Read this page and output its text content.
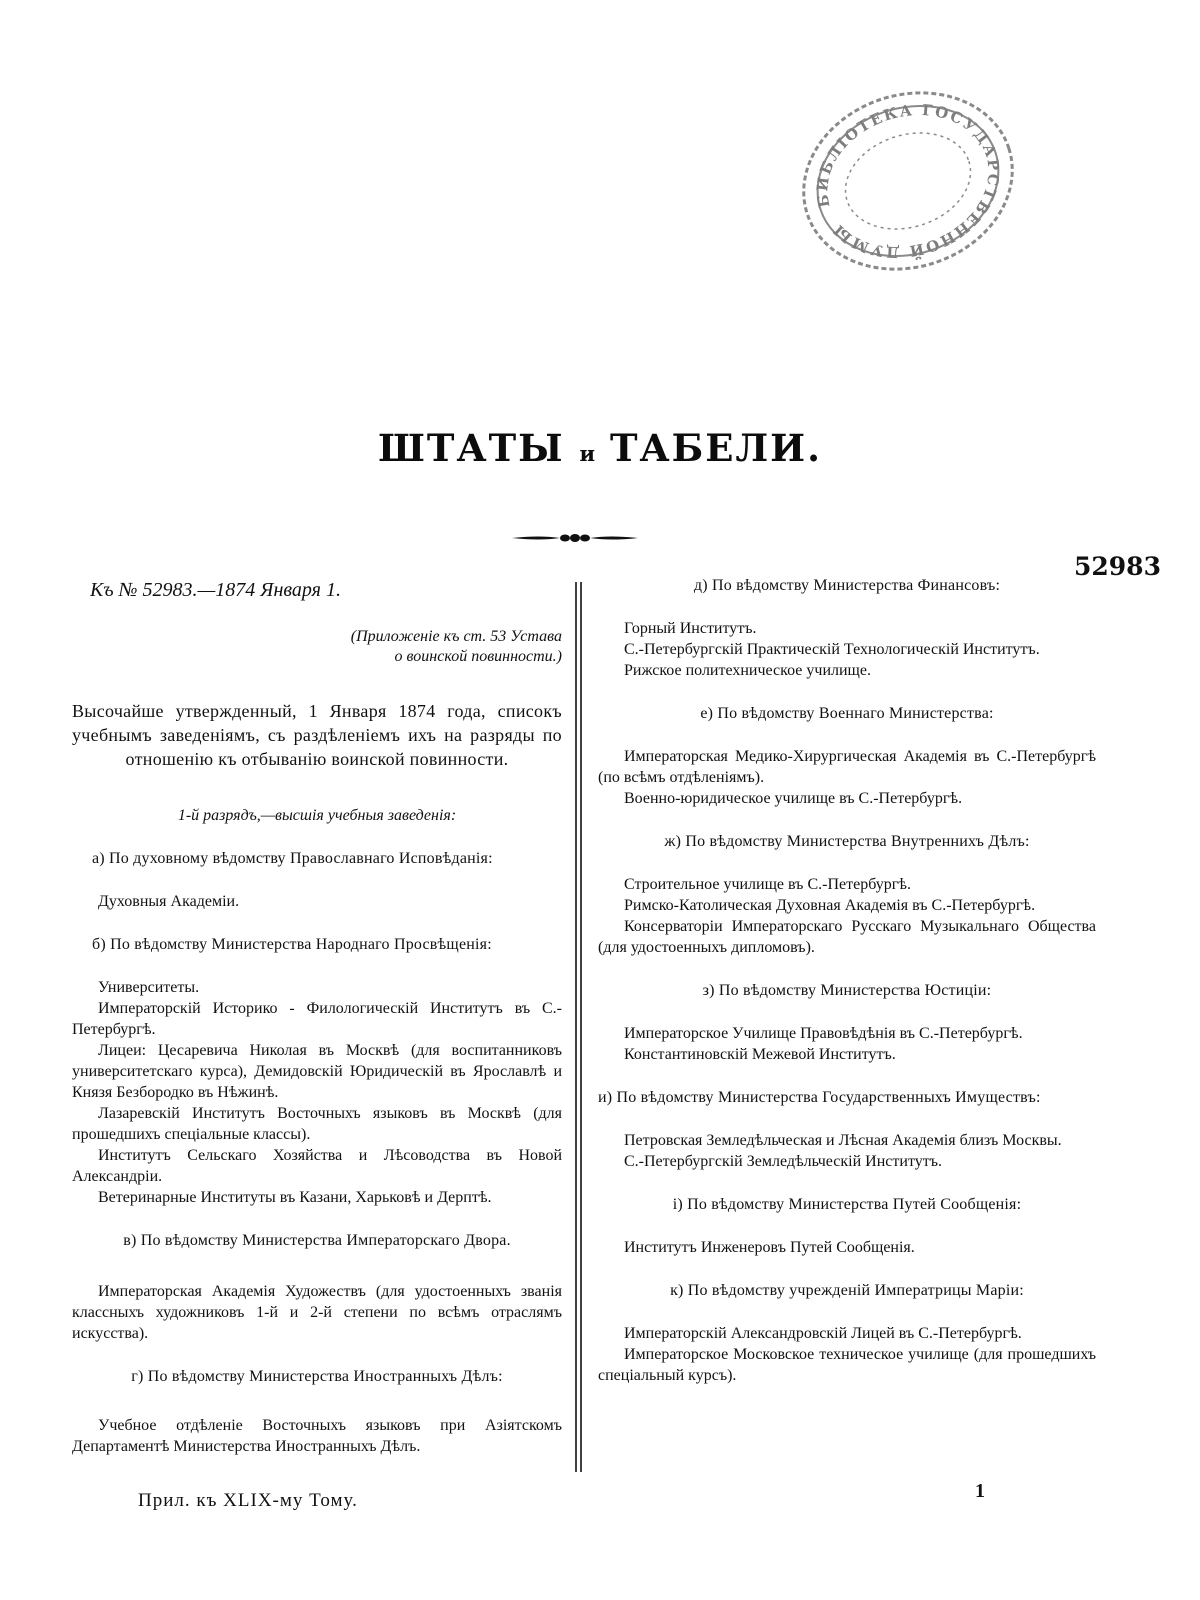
БИБЛІОТЕКА ГОСУДАРСТВЕННОЙ ДУМЫ
ШТАТЫ и ТАБЕЛИ.
52983
Къ № 52983.—1874 Января 1.
(Приложеніе къ ст. 53 Устава
о воинской повинности.)
Высочайше утвержденный, 1 Января 1874 года, списокъ учебнымъ заведеніямъ, съ раздѣленіемъ ихъ на разряды по отношенію къ отбыванію воинской повинности.
1-й разрядъ,—высшія учебныя заведенія:
а) По духовному вѣдомству Православнаго Исповѣданія:
Духовныя Академіи.
б) По вѣдомству Министерства Народнаго Просвѣщенія:
Университеты.
Императорскій Историко - Филологическій Институтъ въ С.-Петербургѣ.
Лицеи: Цесаревича Николая въ Москвѣ (для воспитанниковъ университетскаго курса), Демидовскій Юридическій въ Ярославлѣ и Князя Безбородко въ Нѣжинѣ.
Лазаревскій Институтъ Восточныхъ языковъ въ Москвѣ (для прошедшихъ спеціальные классы).
Институтъ Сельскаго Хозяйства и Лѣсоводства въ Новой Александріи.
Ветеринарные Институты въ Казани, Харьковѣ и Дерптѣ.
в) По вѣдомству Министерства Императорскаго Двора.
Императорская Академія Художествъ (для удостоенныхъ званія классныхъ художниковъ 1-й и 2-й степени по всѣмъ отраслямъ искусства).
г) По вѣдомству Министерства Иностранныхъ Дѣлъ:
Учебное отдѣленіе Восточныхъ языковъ при Азіятскомъ Департаментѣ Министерства Иностранныхъ Дѣлъ.
д) По вѣдомству Министерства Финансовъ:
Горный Институтъ.
С.-Петербургскій Практическій Технологическій Институтъ.
Рижское политехническое училище.
е) По вѣдомству Военнаго Министерства:
Императорская Медико-Хирургическая Академія въ С.-Петербургѣ (по всѣмъ отдѣленіямъ).
Военно-юридическое училище въ С.-Петербургѣ.
ж) По вѣдомству Министерства Внутреннихъ Дѣлъ:
Строительное училище въ С.-Петербургѣ.
Римско-Католическая Духовная Академія въ С.-Петербургѣ.
Консерваторіи Императорскаго Русскаго Музыкальнаго Общества (для удостоенныхъ дипломовъ).
з) По вѣдомству Министерства Юстиціи:
Императорское Училище Правовѣдѣнія въ С.-Петербургѣ.
Константиновскій Межевой Институтъ.
и) По вѣдомству Министерства Государственныхъ Имуществъ:
Петровская Земледѣльческая и Лѣсная Академія близъ Москвы.
С.-Петербургскій Земледѣльческій Институтъ.
і) По вѣдомству Министерства Путей Сообщенія:
Институтъ Инженеровъ Путей Сообщенія.
к) По вѣдомству учрежденій Императрицы Маріи:
Императорскій Александровскій Лицей въ С.-Петербургѣ.
Императорское Московское техническое училище (для прошедшихъ спеціальный курсъ).
Прил. къ XLIX-му Тому.	1
